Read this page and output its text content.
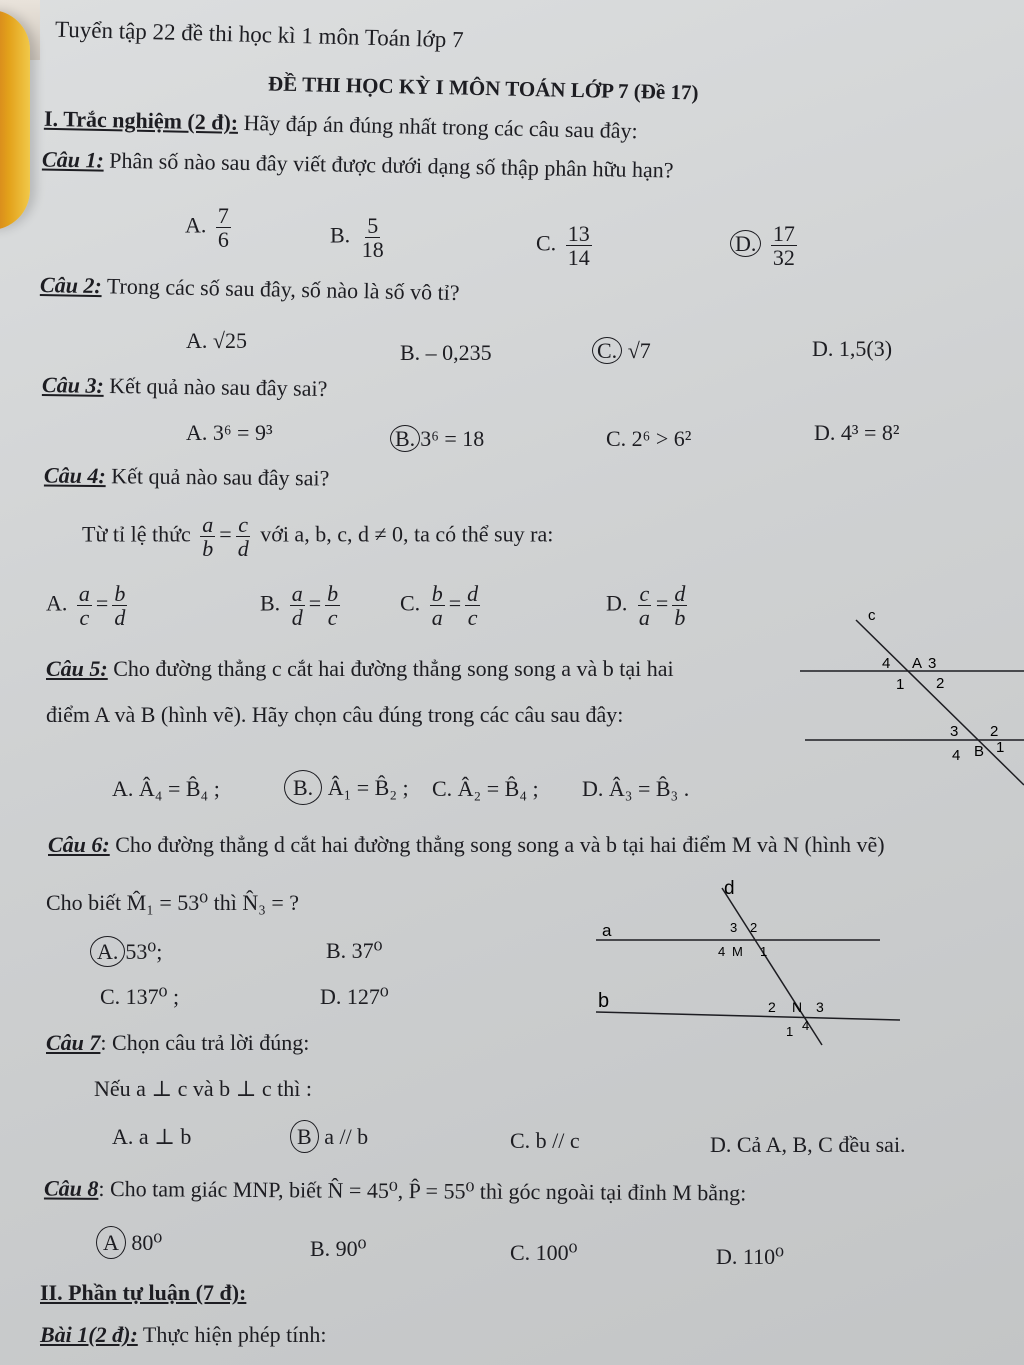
Tuyển tập 22 đề thi học kì 1 môn Toán lớp 7
ĐỀ THI HỌC KỲ I MÔN TOÁN LỚP 7 (Đề 17)
I. Trắc nghiệm (2 đ): Hãy đáp án đúng nhất trong các câu sau đây:
Câu 1: Phân số nào sau đây viết được dưới dạng số thập phân hữu hạn?
A. $\frac{7}{6}$	B. $\frac{5}{18}$	C. $\frac{13}{14}$	D. $\frac{17}{32}$
Câu 2: Trong các số sau đây, số nào là số vô tỉ?
A. √25	B. – 0,235	C. √7	D. 1,5(3)
Câu 3: Kết quả nào sau đây sai?
A. 3⁶ = 9³	B. 3⁶ = 18	C. 2⁶ > 6²	D. 4³ = 8²
Câu 4: Kết quả nào sau đây sai?
Từ tỉ lệ thức $\frac{a}{b} = \frac{c}{d}$ với a, b, c, d ≠ 0, ta có thể suy ra:
A. $\frac{a}{c} = \frac{b}{d}$	B. $\frac{a}{d} = \frac{b}{c}$	C. $\frac{b}{a} = \frac{d}{c}$	D. $\frac{c}{a} = \frac{d}{b}$
Câu 5: Cho đường thẳng c cắt hai đường thẳng song song a và b tại hai
điểm A và B (hình vẽ). Hãy chọn câu đúng trong các câu sau đây:
A. Â₄ = B̂₄ ;	B. Â₁ = B̂₂ ; C. Â₂ = B̂₄ ; D. Â₃ = B̂₃ .
c
4 A 3
1 2
3 2
4 B 1
Câu 6: Cho đường thẳng d cắt hai đường thẳng song song a và b tại hai điểm M và N (hình vẽ)
Cho biết M̂₁ = 53⁰ thì N̂₃ = ?
A. 53⁰;	B. 37⁰
C. 137⁰ ;	D. 127⁰
d
a
b
3 2
4 M 1
2 N 3
1 4
Câu 7: Chọn câu trả lời đúng:
Nếu a ⊥ c và b ⊥ c thì :
A. a ⊥ b	B a // b	C. b // c	D. Cả A, B, C đều sai.
Câu 8: Cho tam giác MNP, biết N̂ = 45⁰, P̂ = 55⁰ thì góc ngoài tại đỉnh M bằng:
A 80⁰	B. 90⁰	C. 100⁰	D. 110⁰
II. Phần tự luận (7 đ):
Bài 1(2 đ): Thực hiện phép tính:
